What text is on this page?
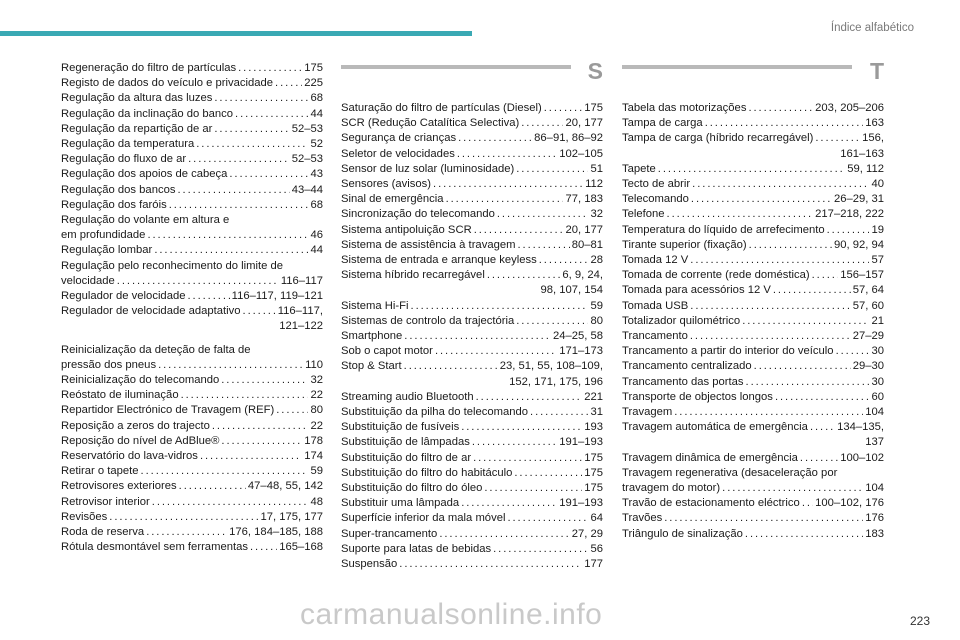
Índice alfabético
Regeneração do filtro de partículas . . .	175
Registo de dados do veículo e privacidade . . .	225
Regulação da altura das luzes . . .	68
Regulação da inclinação do banco . . .	44
Regulação da repartição de ar . . .	52–53
Regulação da temperatura . . .	52
Regulação do fluxo de ar . . .	52–53
Regulação dos apoios de cabeça . . .	43
Regulação dos bancos . . .	43–44
Regulação dos faróis . . .	68
Regulação do volante em altura e
em profundidade . . .	46
Regulação lombar . . .	44
Regulação pelo reconhecimento do limite de
velocidade . . .	116–117
Regulador de velocidade . . .	116–117, 119–121
Regulador de velocidade adaptativo . . .	116–117,
121–122
Reinicialização da deteção de falta de
pressão dos pneus . . .	110
Reinicialização do telecomando . . .	32
Reóstato de iluminação . . .	22
Repartidor Electrónico de Travagem (REF) . . .	80
Reposição a zeros do trajecto . . .	22
Reposição do nível de AdBlue® . . .	178
Reservatório do lava-vidros . . .	174
Retirar o tapete . . .	59
Retrovisores exteriores . . .	47–48, 55, 142
Retrovisor interior . . .	48
Revisões . . .	17, 175, 177
Roda de reserva . . .	176, 184–185, 188
Rótula desmontável sem ferramentas . . .	165–168
S
Saturação do filtro de partículas (Diesel) . . .	175
SCR (Redução Catalítica Selectiva) . . .	20, 177
Segurança de crianças . . .	86–91, 86–92
Seletor de velocidades . . .	102–105
Sensor de luz solar (luminosidade) . . .	51
Sensores (avisos) . . .	112
Sinal de emergência . . .	77, 183
Sincronização do telecomando . . .	32
Sistema antipoluição SCR . . .	20, 177
Sistema de assistência à travagem . . .	80–81
Sistema de entrada e arranque keyless . . .	28
Sistema híbrido recarregável . . .	6, 9, 24,
98, 107, 154
Sistema Hi-Fi . . .	59
Sistemas de controlo da trajectória . . .	80
Smartphone . . .	24–25, 58
Sob o capot motor . . .	171–173
Stop & Start . . .	23, 51, 55, 108–109,
152, 171, 175, 196
Streaming audio Bluetooth . . .	221
Substituição da pilha do telecomando . . .	31
Substituição de fusíveis . . .	193
Substituição de lâmpadas . . .	191–193
Substituição do filtro de ar . . .	175
Substituição do filtro do habitáculo . . .	175
Substituição do filtro do óleo . . .	175
Substituir uma lâmpada . . .	191–193
Superfície inferior da mala móvel . . .	64
Super-trancamento . . .	27, 29
Suporte para latas de bebidas . . .	56
Suspensão . . .	177
T
Tabela das motorizações . . .	203, 205–206
Tampa de carga . . .	163
Tampa de carga (híbrido recarregável) . . .	156,
161–163
Tapete . . .	59, 112
Tecto de abrir . . .	40
Telecomando . . .	26–29, 31
Telefone . . .	217–218, 222
Temperatura do líquido de arrefecimento . . .	19
Tirante superior (fixação) . . .	90, 92, 94
Tomada 12 V . . .	57
Tomada de corrente (rede doméstica) . . .	156–157
Tomada para acessórios 12 V . . .	57, 64
Tomada USB . . .	57, 60
Totalizador quilométrico . . .	21
Trancamento . . .	27–29
Trancamento a partir do interior do veículo . . .	30
Trancamento centralizado . . .	29–30
Trancamento das portas . . .	30
Transporte de objectos longos . . .	60
Travagem . . .	104
Travagem automática de emergência . . .	134–135,
137
Travagem dinâmica de emergência . . .	100–102
Travagem regenerativa (desaceleração por
travagem do motor) . . .	104
Travão de estacionamento eléctrico . . . 100–102, 176
Travões . . .	176
Triângulo de sinalização . . .	183
carmanualsonline.info	223
